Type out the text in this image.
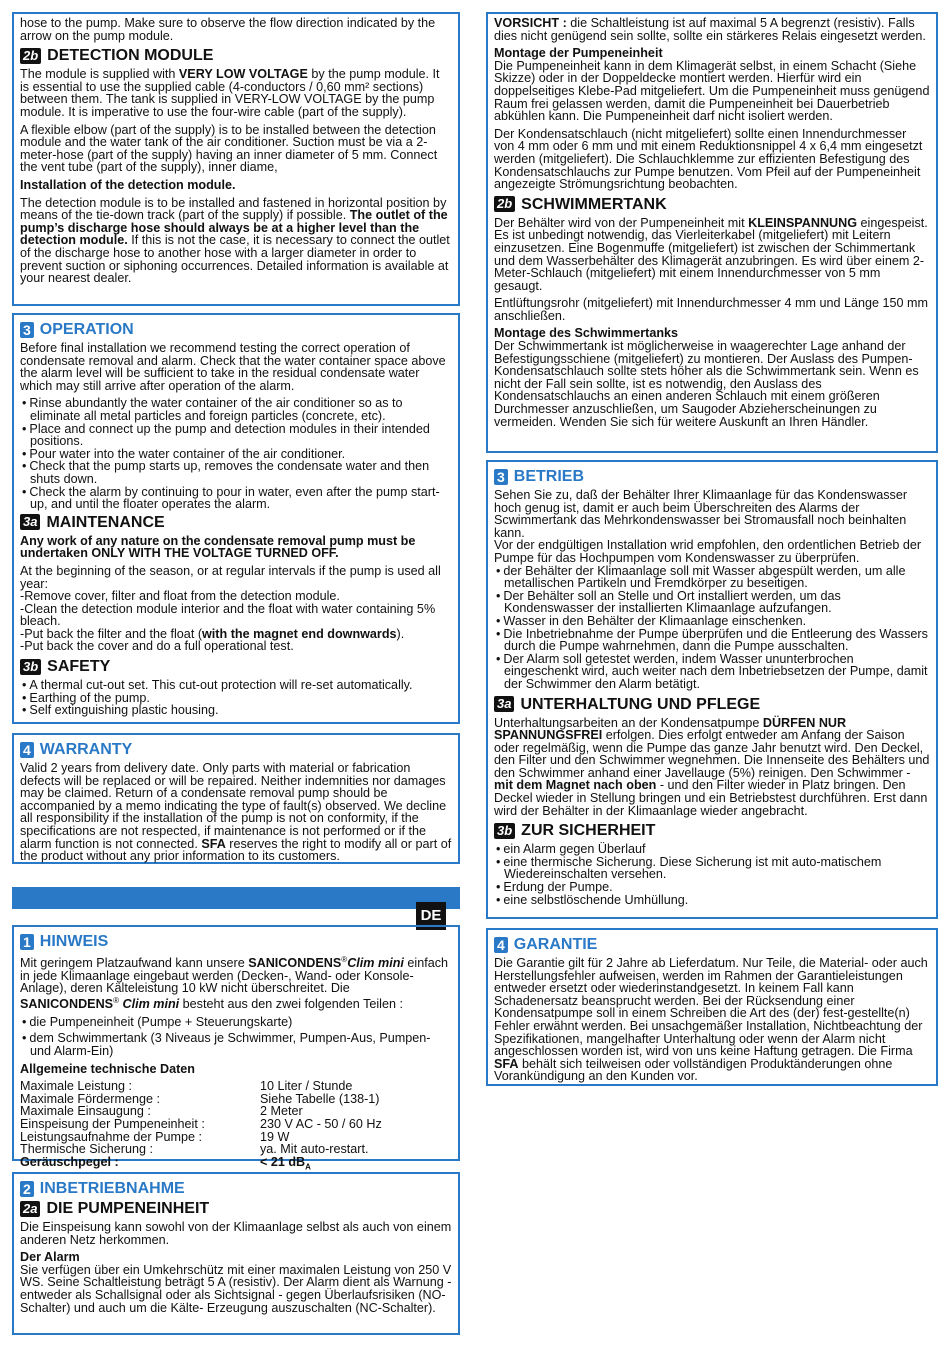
hose to the pump. Make sure to observe the flow direction indicated by the arrow on the pump module.

2b DETECTION MODULE

The module is supplied with VERY LOW VOLTAGE by the pump module. It is essential to use the supplied cable (4-conductors / 0,60 mm² sections) between them. The tank is supplied in VERY-LOW VOLTAGE by the pump module. It is imperative to use the four-wire cable (part of the supply).

A flexible elbow (part of the supply) is to be installed between the detection module and the water tank of the air conditioner. Suction must be via a 2-meter-hose (part of the supply) having an inner diameter of 5 mm. Connect the vent tube (part of the supply), inner diame,

Installation of the detection module.

The detection module is to be installed and fastened in horizontal position by means of the tie-down track (part of the supply) if possible. The outlet of the pump’s discharge hose should always be at a higher level than the detection module. If this is not the case, it is necessary to connect the outlet of the discharge hose to another hose with a larger diameter in order to prevent suction or siphoning occurrences. Detailed information is available at your nearest dealer.

3 OPERATION

Before final installation we recommend testing the correct operation of condensate removal and alarm. Check that the water container space above the alarm level will be sufficient to take in the residual condensate water which may still arrive after operation of the alarm.

• Rinse abundantly the water container of the air conditioner so as to eliminate all metal particles and foreign particles (concrete, etc).
• Place and connect up the pump and detection modules in their intended positions.
• Pour water into the water container of the air conditioner.
• Check that the pump starts up, removes the condensate water and then shuts down.
• Check the alarm by continuing to pour in water, even after the pump start-up, and until the floater operates the alarm.
3a MAINTENANCE

Any work of any nature on the condensate removal pump must be undertaken ONLY WITH THE VOLTAGE TURNED OFF.

At the beginning of the season, or at regular intervals if the pump is used all year:

-Remove cover, filter and float from the detection module.

-Clean the detection module interior and the float with water containing 5% bleach.

-Put back the filter and the float (with the magnet end downwards).

-Put back the cover and do a full operational test.

3b SAFETY
• A thermal cut-out set. This cut-out protection will re-set automatically.
• Earthing of the pump.
• Self extinguishing plastic housing.
4 WARRANTY

Valid 2 years from delivery date. Only parts with material or fabrication defects will be replaced or will be repaired. Neither indemnities nor damages may be claimed. Return of a condensate removal pump should be accompanied by a memo indicating the type of fault(s) observed. We decline all responsibility if the installation of the pump is not on conformity, if the specifications are not respected, if maintenance is not performed or if the alarm function is not connected. SFA reserves the right to modify all or part of the product without any prior information to its customers.

DE
1 HINWEIS

Mit geringem Platzaufwand kann unsere SANICONDENS®Clim mini einfach in jede Klimaanlage eingebaut werden (Decken-, Wand- oder Konsole-Anlage), deren Kälteleistung 10 kW nicht überschreitet. Die SANICONDENS® Clim mini besteht aus den zwei folgenden Teilen :

• die Pumpeneinheit (Pumpe + Steuerungskarte)
• dem Schwimmertank (3 Niveaus je Schwimmer, Pumpen-Aus, Pumpen- und Alarm-Ein)

Allgemeine technische Daten

Maximale Leistung :	10 Liter / Stunde
Maximale Fördermenge :	Siehe Tabelle (138-1)
Maximale Einsaugung :	2 Meter
Einspeisung der Pumpeneinheit :	230 V AC - 50 / 60 Hz
Leistungsaufnahme der Pumpe :	19 W
Thermische Sicherung :	ya. Mit auto-restart.
Geräuschpegel :	< 21 $dB_A$
2 INBETRIEBNAHME
2a DIE PUMPENEINHEIT

Die Einspeisung kann sowohl von der Klimaanlage selbst als auch von einem anderen Netz herkommen.

Der Alarm

Sie verfügen über ein Umkehrschütz mit einer maximalen Leistung von 250 V WS. Seine Schaltleistung beträgt 5 A (resistiv). Der Alarm dient als Warnung - entweder als Schallsignal oder als Sichtsignal - gegen Überlaufsrisiken (NO-Schalter) und auch um die Kälte- Erzeugung auszuschalten (NC-Schalter).

VORSICHT : die Schaltleistung ist auf maximal 5 A begrenzt (resistiv). Falls dies nicht genügend sein sollte, sollte ein stärkeres Relais eingesetzt werden.

Montage der Pumpeneinheit

Die Pumpeneinheit kann in dem Klimagerät selbst, in einem Schacht (Siehe Skizze) oder in der Doppeldecke montiert werden. Hierfür wird ein doppelseitiges Klebe-Pad mitgeliefert. Um die Pumpeneinheit muss genügend Raum frei gelassen werden, damit die Pumpeneinheit bei Dauerbetrieb abkühlen kann. Die Pumpeneinheit darf nicht isoliert werden.

Der Kondensatschlauch (nicht mitgeliefert) sollte einen Innendurchmesser von 4 mm oder 6 mm und mit einem Reduktionsnippel 4 x 6,4 mm eingesetzt werden (mitgeliefert). Die Schlauchklemme zur effizienten Befestigung des Kondensatschlauchs zur Pumpe benutzen. Vom Pfeil auf der Pumpeneinheit angezeigte Strömungsrichtung beobachten.

2b SCHWIMMERTANK

Der Behälter wird von der Pumpeneinheit mit KLEINSPANNUNG eingespeist. Es ist unbedingt notwendig, das Vierleiterkabel (mitgeliefert) mit Leitern einzusetzen. Eine Bogenmuffe (mitgeliefert) ist zwischen der Schimmertank und dem Wasserbehälter des Klimagerät anzubringen. Es wird über einem 2-Meter-Schlauch (mitgeliefert) mit einem Innendurchmesser von 5 mm gesaugt.

Entlüftungsrohr (mitgeliefert) mit Innendurchmesser 4 mm und Länge 150 mm anschließen.

Montage des Schwimmertanks

Der Schwimmertank ist möglicherweise in waagerechter Lage anhand der Befestigungsschiene (mitgeliefert) zu montieren. Der Auslass des Pumpen-Kondensatschlauch sollte stets höher als die Schwimmertank sein. Wenn es nicht der Fall sein sollte, ist es notwendig, den Auslass des Kondensatschlauchs an einen anderen Schlauch mit einem größeren Durchmesser anzuschließen, um Saugoder Abzieherscheinungen zu vermeiden. Wenden Sie sich für weitere Auskunft an Ihren Händler.

3 BETRIEB

Sehen Sie zu, daß der Behälter Ihrer Klimaanlage für das Kondenswasser hoch genug ist, damit er auch beim Überschreiten des Alarms der Scwimmertank das Mehrkondenswasser bei Stromausfall noch beinhalten kann.

Vor der endgültigen Installation wrid empfohlen, den ordentlichen Betrieb der Pumpe für das Hochpumpen vom Kondenswasser zu überprüfen.

• der Behälter der Klimaanlage soll mit Wasser abgespült werden, um alle metallischen Partikeln und Fremdkörper zu beseitigen.
• Der Behälter soll an Stelle und Ort installiert werden, um das Kondenswasser der installierten Klimaanlage aufzufangen.
• Wasser in den Behälter der Klimaanlage einschenken.
• Die Inbetriebnahme der Pumpe überprüfen und die Entleerung des Wassers durch die Pumpe wahrnehmen, dann die Pumpe ausschalten.
• Der Alarm soll getestet werden, indem Wasser ununterbrochen eingeschenkt wird, auch weiter nach dem Inbetriebsetzen der Pumpe, damit der Schwimmer den Alarm betätigt.
3a UNTERHALTUNG UND PFLEGE

Unterhaltungsarbeiten an der Kondensatpumpe DÜRFEN NUR SPANNUNGSFREI erfolgen. Dies erfolgt entweder am Anfang der Saison oder regelmäßig, wenn die Pumpe das ganze Jahr benutzt wird. Den Deckel, den Filter und den Schwimmer wegnehmen. Die Innenseite des Behälters und den Schwimmer anhand einer Javellauge (5%) reinigen. Den Schwimmer - mit dem Magnet nach oben - und den Filter wieder in Platz bringen. Den Deckel wieder in Stellung bringen und ein Betriebstest durchführen. Erst dann wird der Behälter in der Klimaanlage wieder angebracht.

3b ZUR SICHERHEIT
• ein Alarm gegen Überlauf
• eine thermische Sicherung. Diese Sicherung ist mit auto-matischem Wiedereinschalten versehen.
• Erdung der Pumpe.
• eine selbstlöschende Umhüllung.
4 GARANTIE

Die Garantie gilt für 2 Jahre ab Lieferdatum. Nur Teile, die Material- oder auch Herstellungsfehler aufweisen, werden im Rahmen der Garantieleistungen entweder ersetzt oder wiederinstandgesetzt. In keinem Fall kann Schadenersatz beansprucht werden. Bei der Rücksendung einer Kondensatpumpe soll in einem Schreiben die Art des (der) fest-gestellte(n) Fehler erwähnt werden. Bei unsachgemäßer Installation, Nichtbeachtung der Spezifikationen, mangelhafter Unterhaltung oder wenn der Alarm nicht angeschlossen worden ist, wird von uns keine Haftung getragen. Die Firma SFA behält sich teilweisen oder vollständigen Produktänderungen ohne Vorankündigung an den Kunden vor.
